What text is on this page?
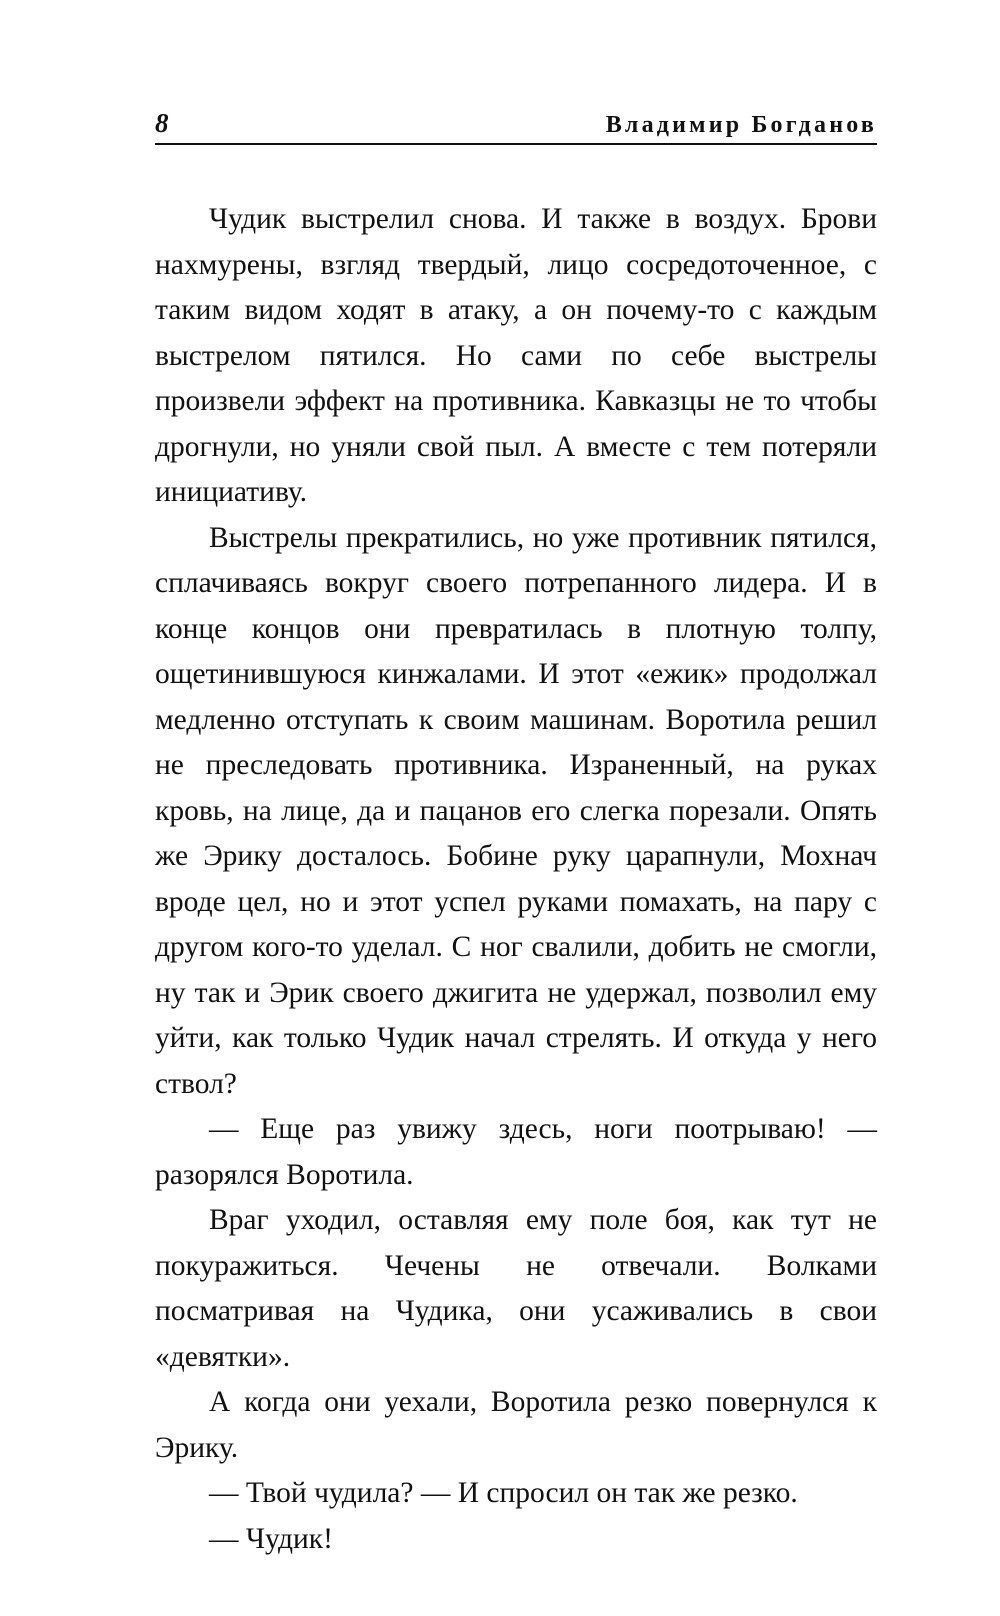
8	Владимир Богданов

Чудик выстрелил снова. И также в воздух. Брови нахмурены, взгляд твердый, лицо сосредоточенное, с таким видом ходят в атаку, а он почему-то с каждым выстрелом пятился. Но сами по себе выстрелы произвели эффект на противника. Кавказцы не то чтобы дрогнули, но уняли свой пыл. А вместе с тем потеряли инициативу.

Выстрелы прекратились, но уже противник пятился, сплачиваясь вокруг своего потрепанного лидера. И в конце концов они превратилась в плотную толпу, ощетинившуюся кинжалами. И этот «ежик» продолжал медленно отступать к своим машинам. Воротила решил не преследовать противника. Израненный, на руках кровь, на лице, да и пацанов его слегка порезали. Опять же Эрику досталось. Бобине руку царапнули, Мохнач вроде цел, но и этот успел руками помахать, на пару с другом кого-то уделал. С ног свалили, добить не смогли, ну так и Эрик своего джигита не удержал, позволил ему уйти, как только Чудик начал стрелять. И откуда у него ствол?

— Еще раз увижу здесь, ноги поотрываю! — разорялся Воротила.

Враг уходил, оставляя ему поле боя, как тут не покуражиться. Чечены не отвечали. Волками посматривая на Чудика, они усаживались в свои «девятки».

А когда они уехали, Воротила резко повернулся к Эрику.

— Твой чудила? — И спросил он так же резко.

— Чудик!
